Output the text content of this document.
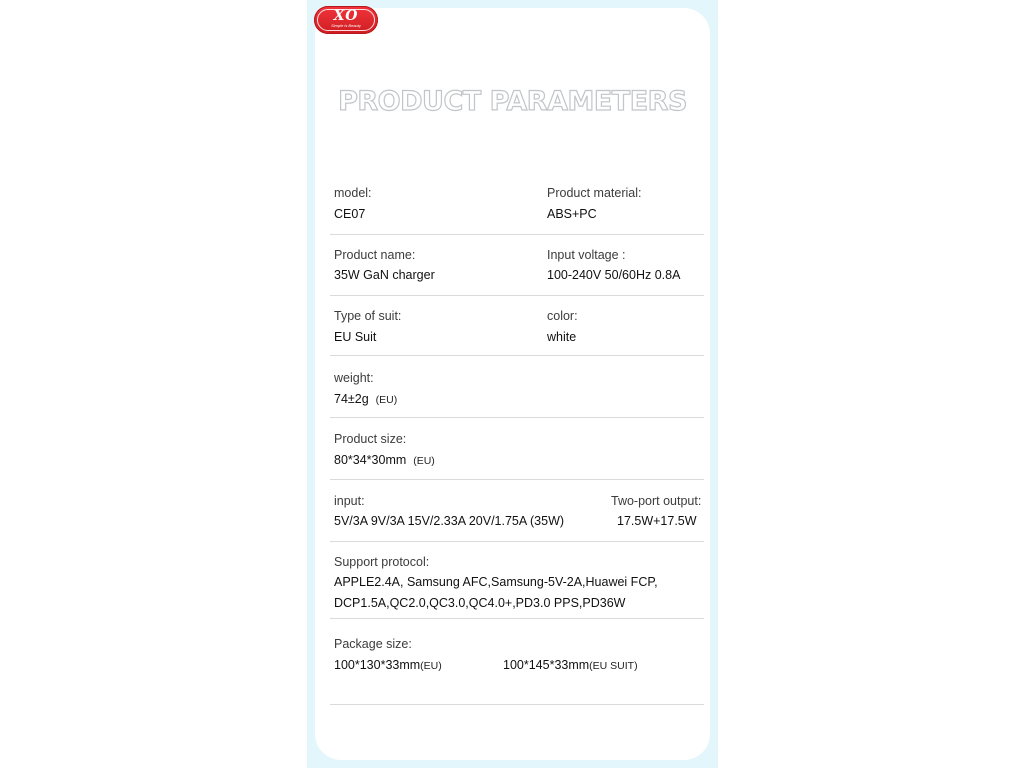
XO
Simple is Beauty
PRODUCT PARAMETERS
model:
CE07
Product material:
ABS+PC
Product name:
35W GaN charger
Input voltage :
100-240V 50/60Hz 0.8A
Type of suit:
EU Suit
color:
white
weight:
74±2g (EU)
Product size:
80*34*30mm (EU)
input:
5V/3A 9V/3A 15V/2.33A 20V/1.75A (35W)
Two-port output:
17.5W+17.5W
Support protocol:
APPLE2.4A, Samsung AFC,Samsung-5V-2A,Huawei FCP,
DCP1.5A,QC2.0,QC3.0,QC4.0+,PD3.0 PPS,PD36W
Package size:
100*130*33mm(EU)	100*145*33mm(EU SUIT)
